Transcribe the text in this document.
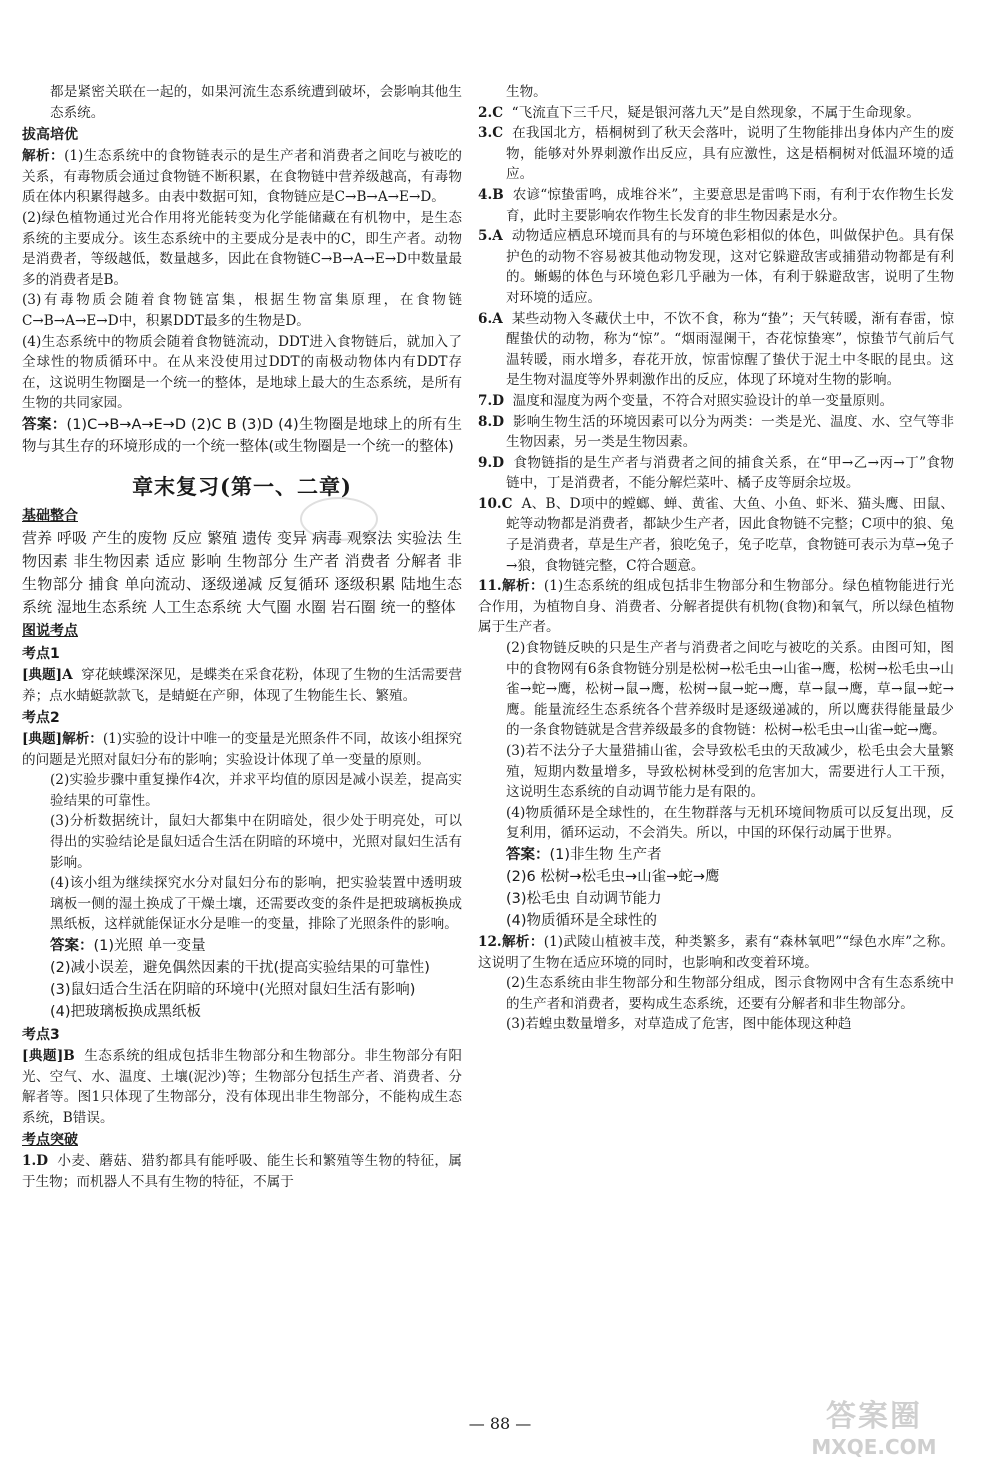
都是紧密关联在一起的，如果河流生态系统遭到破坏，会影响其他生态系统。

拔高培优

解析：(1)生态系统中的食物链表示的是生产者和消费者之间吃与被吃的关系，有毒物质会通过食物链不断积累，在食物链中营养级越高，有毒物质在体内积累得越多。由表中数据可知，食物链应是C→B→A→E→D。

(2)绿色植物通过光合作用将光能转变为化学能储藏在有机物中，是生态系统的主要成分。该生态系统中的主要成分是表中的C，即生产者。动物是消费者，等级越低，数量越多，因此在食物链C→B→A→E→D中数量最多的消费者是B。

(3)有毒物质会随着食物链富集，根据生物富集原理，在食物链C→B→A→E→D中，积累DDT最多的生物是D。

(4)生态系统中的物质会随着食物链流动，DDT进入食物链后，就加入了全球性的物质循环中。在从来没使用过DDT的南极动物体内有DDT存在，这说明生物圈是一个统一的整体，是地球上最大的生态系统，是所有生物的共同家园。

答案：(1)C→B→A→E→D (2)C B (3)D (4)生物圈是地球上的所有生物与其生存的环境形成的一个统一整体(或生物圈是一个统一的整体)

章末复习(第一、二章)
基础整合

营养 呼吸 产生的废物 反应 繁殖 遗传 变异 病毒 观察法 实验法 生物因素 非生物因素 适应 影响 生物部分 生产者 消费者 分解者 非生物部分 捕食 单向流动、逐级递减 反复循环 逐级积累 陆地生态系统 湿地生态系统 人工生态系统 大气圈 水圈 岩石圈 统一的整体

图说考点
考点1

[典题]A 穿花蛱蝶深深见，是蝶类在采食花粉，体现了生物的生活需要营养；点水蜻蜓款款飞，是蜻蜓在产卵，体现了生物能生长、繁殖。

考点2

[典题]解析：(1)实验的设计中唯一的变量是光照条件不同，故该小组探究的问题是光照对鼠妇分布的影响；实验设计体现了单一变量的原则。

(2)实验步骤中重复操作4次，并求平均值的原因是减小误差，提高实验结果的可靠性。

(3)分析数据统计，鼠妇大都集中在阴暗处，很少处于明亮处，可以得出的实验结论是鼠妇适合生活在阴暗的环境中，光照对鼠妇生活有影响。

(4)该小组为继续探究水分对鼠妇分布的影响，把实验装置中透明玻璃板一侧的湿土换成了干燥土壤，还需要改变的条件是把玻璃板换成黑纸板，这样就能保证水分是唯一的变量，排除了光照条件的影响。

答案：(1)光照 单一变量

(2)减小误差，避免偶然因素的干扰(提高实验结果的可靠性)

(3)鼠妇适合生活在阴暗的环境中(光照对鼠妇生活有影响)

(4)把玻璃板换成黑纸板

考点3

[典题]B 生态系统的组成包括非生物部分和生物部分。非生物部分有阳光、空气、水、温度、土壤(泥沙)等；生物部分包括生产者、消费者、分解者等。图1只体现了生物部分，没有体现出非生物部分，不能构成生态系统，B错误。

考点突破

1.D 小麦、蘑菇、猎豹都具有能呼吸、能生长和繁殖等生物的特征，属于生物；而机器人不具有生物的特征，不属于

生物。

2.C “飞流直下三千尺，疑是银河落九天”是自然现象，不属于生命现象。

3.C 在我国北方，梧桐树到了秋天会落叶，说明了生物能排出身体内产生的废物，能够对外界刺激作出反应，具有应激性，这是梧桐树对低温环境的适应。

4.B 农谚“惊蛰雷鸣，成堆谷米”，主要意思是雷鸣下雨，有利于农作物生长发育，此时主要影响农作物生长发育的非生物因素是水分。

5.A 动物适应栖息环境而具有的与环境色彩相似的体色，叫做保护色。具有保护色的动物不容易被其他动物发现，这对它躲避敌害或捕猎动物都是有利的。蜥蜴的体色与环境色彩几乎融为一体，有利于躲避敌害，说明了生物对环境的适应。

6.A 某些动物入冬藏伏土中，不饮不食，称为“蛰”；天气转暖，渐有春雷，惊醒蛰伏的动物，称为“惊”。“烟雨湿阑干，杏花惊蛰寒”，惊蛰节气前后气温转暖，雨水增多，春花开放，惊雷惊醒了蛰伏于泥土中冬眠的昆虫。这是生物对温度等外界刺激作出的反应，体现了环境对生物的影响。

7.D 温度和湿度为两个变量，不符合对照实验设计的单一变量原则。

8.D 影响生物生活的环境因素可以分为两类：一类是光、温度、水、空气等非生物因素，另一类是生物因素。

9.D 食物链指的是生产者与消费者之间的捕食关系，在“甲→乙→丙→丁”食物链中，丁是消费者，不能分解烂菜叶、橘子皮等厨余垃圾。

10.C A、B、D项中的螳螂、蝉、黄雀、大鱼、小鱼、虾米、猫头鹰、田鼠、蛇等动物都是消费者，都缺少生产者，因此食物链不完整；C项中的狼、兔子是消费者，草是生产者，狼吃兔子，兔子吃草，食物链可表示为草→兔子→狼，食物链完整，C符合题意。

11.解析：(1)生态系统的组成包括非生物部分和生物部分。绿色植物能进行光合作用，为植物自身、消费者、分解者提供有机物(食物)和氧气，所以绿色植物属于生产者。

(2)食物链反映的只是生产者与消费者之间吃与被吃的关系。由图可知，图中的食物网有6条食物链分别是松树→松毛虫→山雀→鹰，松树→松毛虫→山雀→蛇→鹰，松树→鼠→鹰，松树→鼠→蛇→鹰，草→鼠→鹰，草→鼠→蛇→鹰。能量流经生态系统各个营养级时是逐级递减的，所以鹰获得能量最少的一条食物链就是含营养级最多的食物链：松树→松毛虫→山雀→蛇→鹰。

(3)若不法分子大量猎捕山雀，会导致松毛虫的天敌减少，松毛虫会大量繁殖，短期内数量增多，导致松树林受到的危害加大，需要进行人工干预，这说明生态系统的自动调节能力是有限的。

(4)物质循环是全球性的，在生物群落与无机环境间物质可以反复出现，反复利用，循环运动，不会消失。所以，中国的环保行动属于世界。

答案：(1)非生物 生产者

(2)6 松树→松毛虫→山雀→蛇→鹰

(3)松毛虫 自动调节能力

(4)物质循环是全球性的

12.解析：(1)武陵山植被丰茂，种类繁多，素有“森林氧吧”“绿色水库”之称。这说明了生物在适应环境的同时，也影响和改变着环境。

(2)生态系统由非生物部分和生物部分组成，图示食物网中含有生态系统中的生产者和消费者，要构成生态系统，还要有分解者和非生物部分。

(3)若蝗虫数量增多，对草造成了危害，图中能体现这种趋

— 88 —	答案圈
MXQE.COM
